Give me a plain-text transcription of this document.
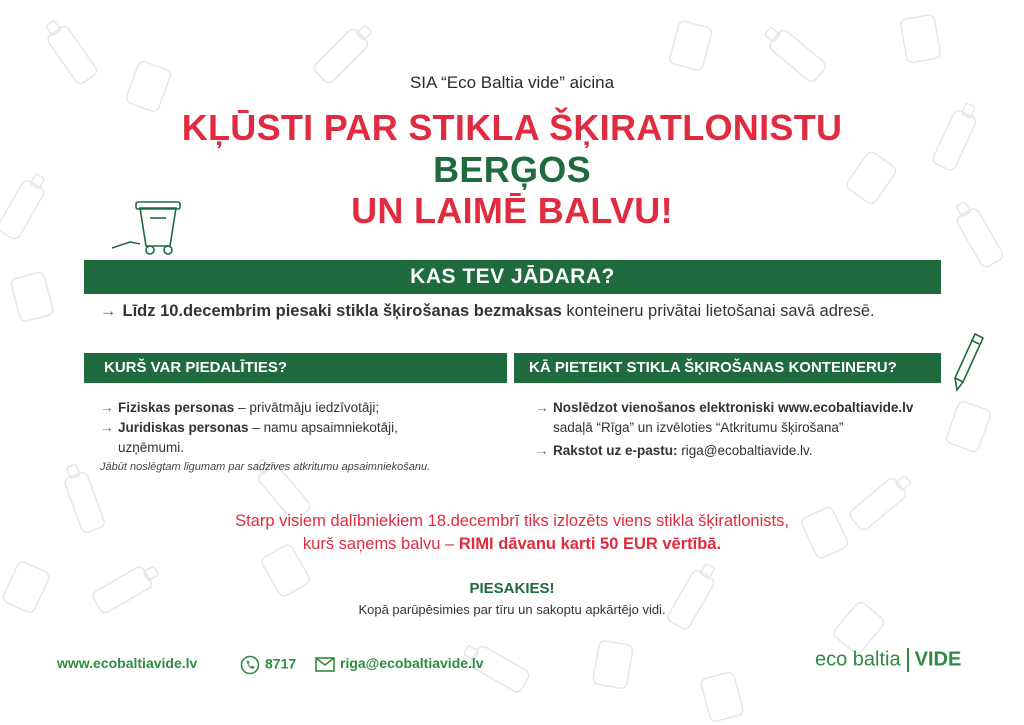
SIA “Eco Baltia vide” aicina
KĻŪSTI PAR STIKLA ŠĶIRATLONISTU
BERĢOS
UN LAIMĒ BALVU!
KAS TEV JĀDARA?
→ Līdz 10.decembrim piesaki stikla šķirošanas bezmaksas konteineru privātai lietošanai savā adresē.
KURŠ VAR PIEDALĪTIES?	KĀ PIETEIKT STIKLA ŠĶIROŠANAS KONTEINERU?
→ Fiziskas personas – privātmāju iedzīvotāji;
→ Juridiskas personas – namu apsaimniekotāji, uzņēmumi.
Jābūt noslēgtam līgumam par sadzīves atkritumu apsaimniekošanu.
→ Noslēdzot vienošanos elektroniski www.ecobaltiavide.lv
sadaļā “Rīga” un izvēloties “Atkritumu šķirošana”
→ Rakstot uz e-pastu: riga@ecobaltiavide.lv.
Starp visiem dalībniekiem 18.decembrī tiks izlozēts viens stikla šķiratlonists,
kurš saņems balvu – RIMI dāvanu karti 50 EUR vērtībā.
PIESAKIES!
Kopā parūpēsimies par tīru un sakoptu apkārtējo vidi.
www.ecobaltiavide.lv	8717	riga@ecobaltiavide.lv	eco baltia VIDE
